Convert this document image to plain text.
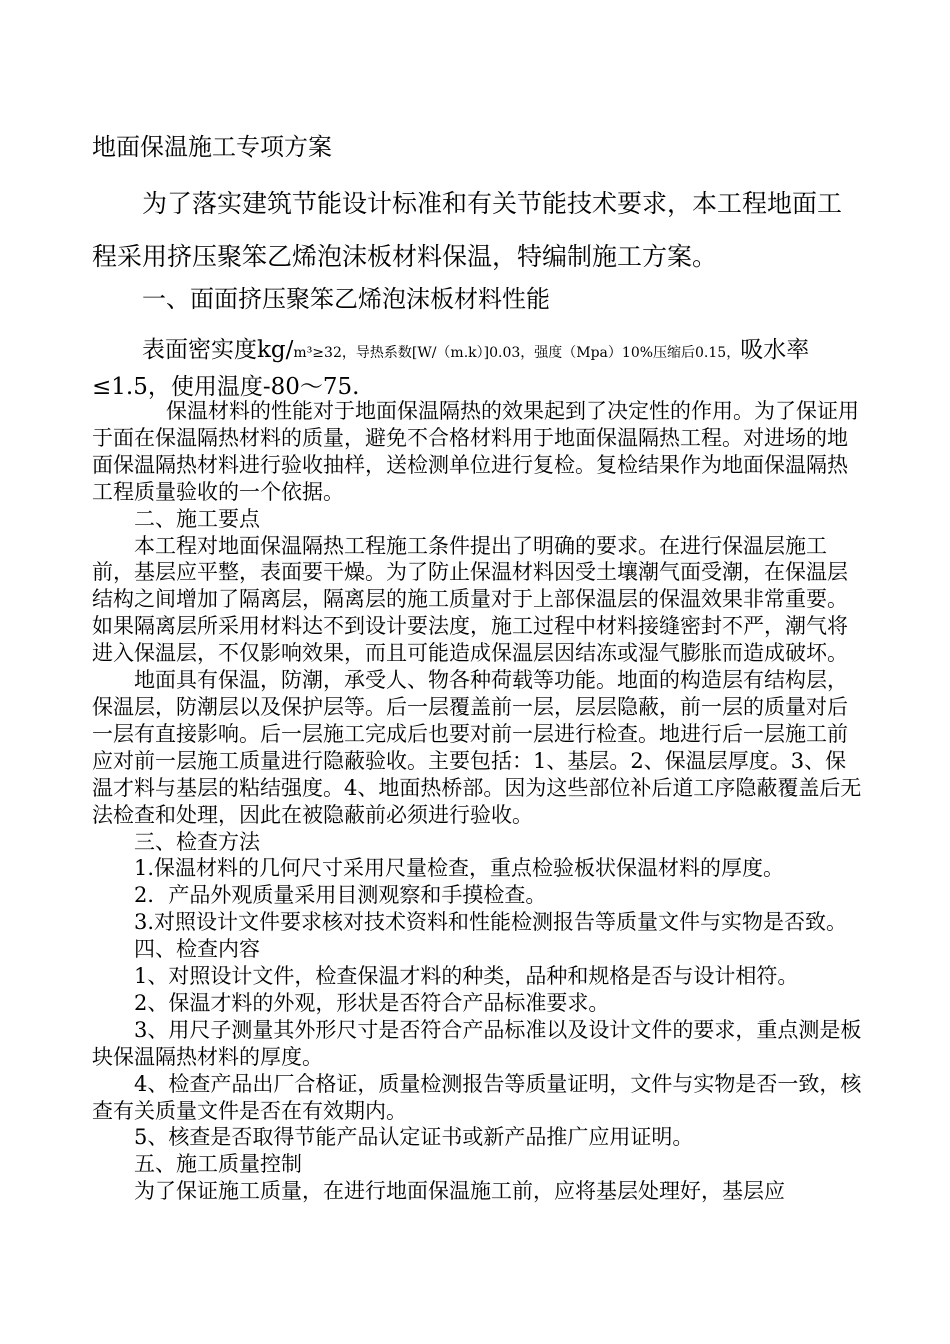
地面保温施工专项方案

为了落实建筑节能设计标准和有关节能技术要求，本工程地面工程采用挤压聚笨乙烯泡沫板材料保温，特编制施工方案。

一、面面挤压聚笨乙烯泡沫板材料性能

表面密实度kg/m³≥32，导热系数[W/（m.k）]0.03，强度（Mpa）10%压缩后0.15，吸水率≤1.5，使用温度-80～75.

保温材料的性能对于地面保温隔热的效果起到了决定性的作用。为了保证用于面在保温隔热材料的质量，避免不合格材料用于地面保温隔热工程。对进场的地面保温隔热材料进行验收抽样，送检测单位进行复检。复检结果作为地面保温隔热工程质量验收的一个依据。

二、施工要点

本工程对地面保温隔热工程施工条件提出了明确的要求。在进行保温层施工前，基层应平整，表面要干燥。为了防止保温材料因受土壤潮气面受潮，在保温层结构之间增加了隔离层，隔离层的施工质量对于上部保温层的保温效果非常重要。如果隔离层所采用材料达不到设计要法度，施工过程中材料接缝密封不严，潮气将进入保温层，不仅影响效果，而且可能造成保温层因结冻或湿气膨胀而造成破坏。

地面具有保温，防潮，承受人、物各种荷载等功能。地面的构造层有结构层，保温层，防潮层以及保护层等。后一层覆盖前一层，层层隐蔽，前一层的质量对后一层有直接影响。后一层施工完成后也要对前一层进行检查。地进行后一层施工前应对前一层施工质量进行隐蔽验收。主要包括：1、基层。2、保温层厚度。3、保温才料与基层的粘结强度。4、地面热桥部。因为这些部位补后道工序隐蔽覆盖后无法检查和处理，因此在被隐蔽前必须进行验收。

三、检查方法

1.保温材料的几何尺寸采用尺量检查，重点检验板状保温材料的厚度。

2．产品外观质量采用目测观察和手摸检查。

3.对照设计文件要求核对技术资料和性能检测报告等质量文件与实物是否致。

四、检查内容

1、对照设计文件，检查保温才料的种类，品种和规格是否与设计相符。

2、保温才料的外观，形状是否符合产品标准要求。

3、用尺子测量其外形尺寸是否符合产品标准以及设计文件的要求，重点测是板块保温隔热材料的厚度。

4、检查产品出厂合格证，质量检测报告等质量证明，文件与实物是否一致，核查有关质量文件是否在有效期内。

5、核查是否取得节能产品认定证书或新产品推广应用证明。

五、施工质量控制

为了保证施工质量，在进行地面保温施工前，应将基层处理好，基层应
